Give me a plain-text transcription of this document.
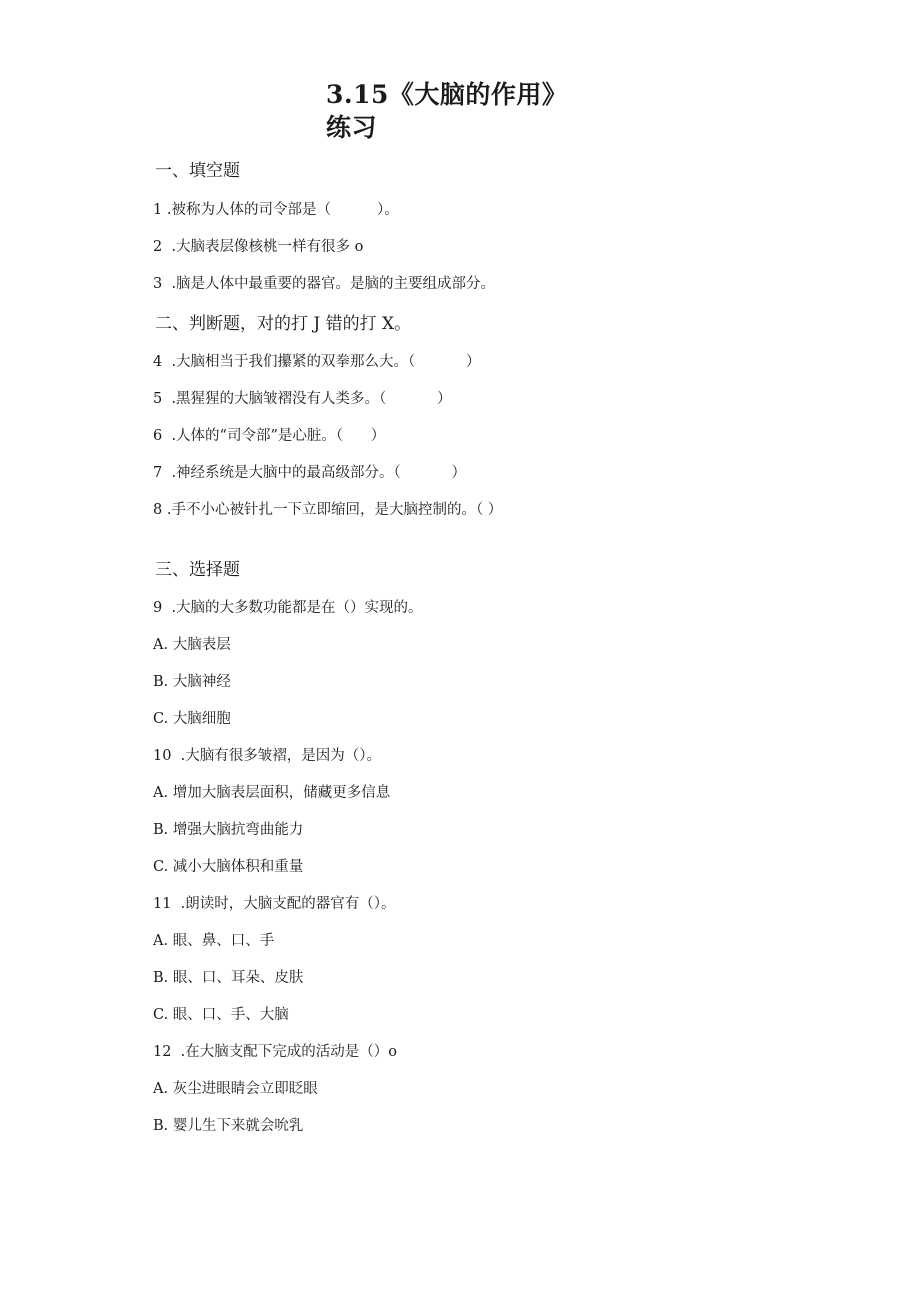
3.15《大脑的作用》练习
一、填空题
1 .被称为人体的司令部是（          ）。
2  .大脑表层像核桃一样有很多 o
3  .脑是人体中最重要的器官。是脑的主要组成部分。
二、判断题，对的打 J 错的打 X。
4  .大脑相当于我们攥紧的双拳那么大。（           ）
5  .黑猩猩的大脑皱褶没有人类多。（           ）
6  .人体的“司令部”是心脏。（      ）
7  .神经系统是大脑中的最高级部分。（           ）
8 .手不小心被针扎一下立即缩回，是大脑控制的。（ ）
三、选择题
9  .大脑的大多数功能都是在（）实现的。
A. 大脑表层
B. 大脑神经
C. 大脑细胞
10  .大脑有很多皱褶，是因为（）。
A. 增加大脑表层面积，储藏更多信息
B. 增强大脑抗弯曲能力
C. 减小大脑体积和重量
11  .朗读时，大脑支配的器官有（）。
A. 眼、鼻、口、手
B. 眼、口、耳朵、皮肤
C. 眼、口、手、大脑
12  .在大脑支配下完成的活动是（）o
A. 灰尘进眼睛会立即眨眼
B. 婴儿生下来就会吮乳
